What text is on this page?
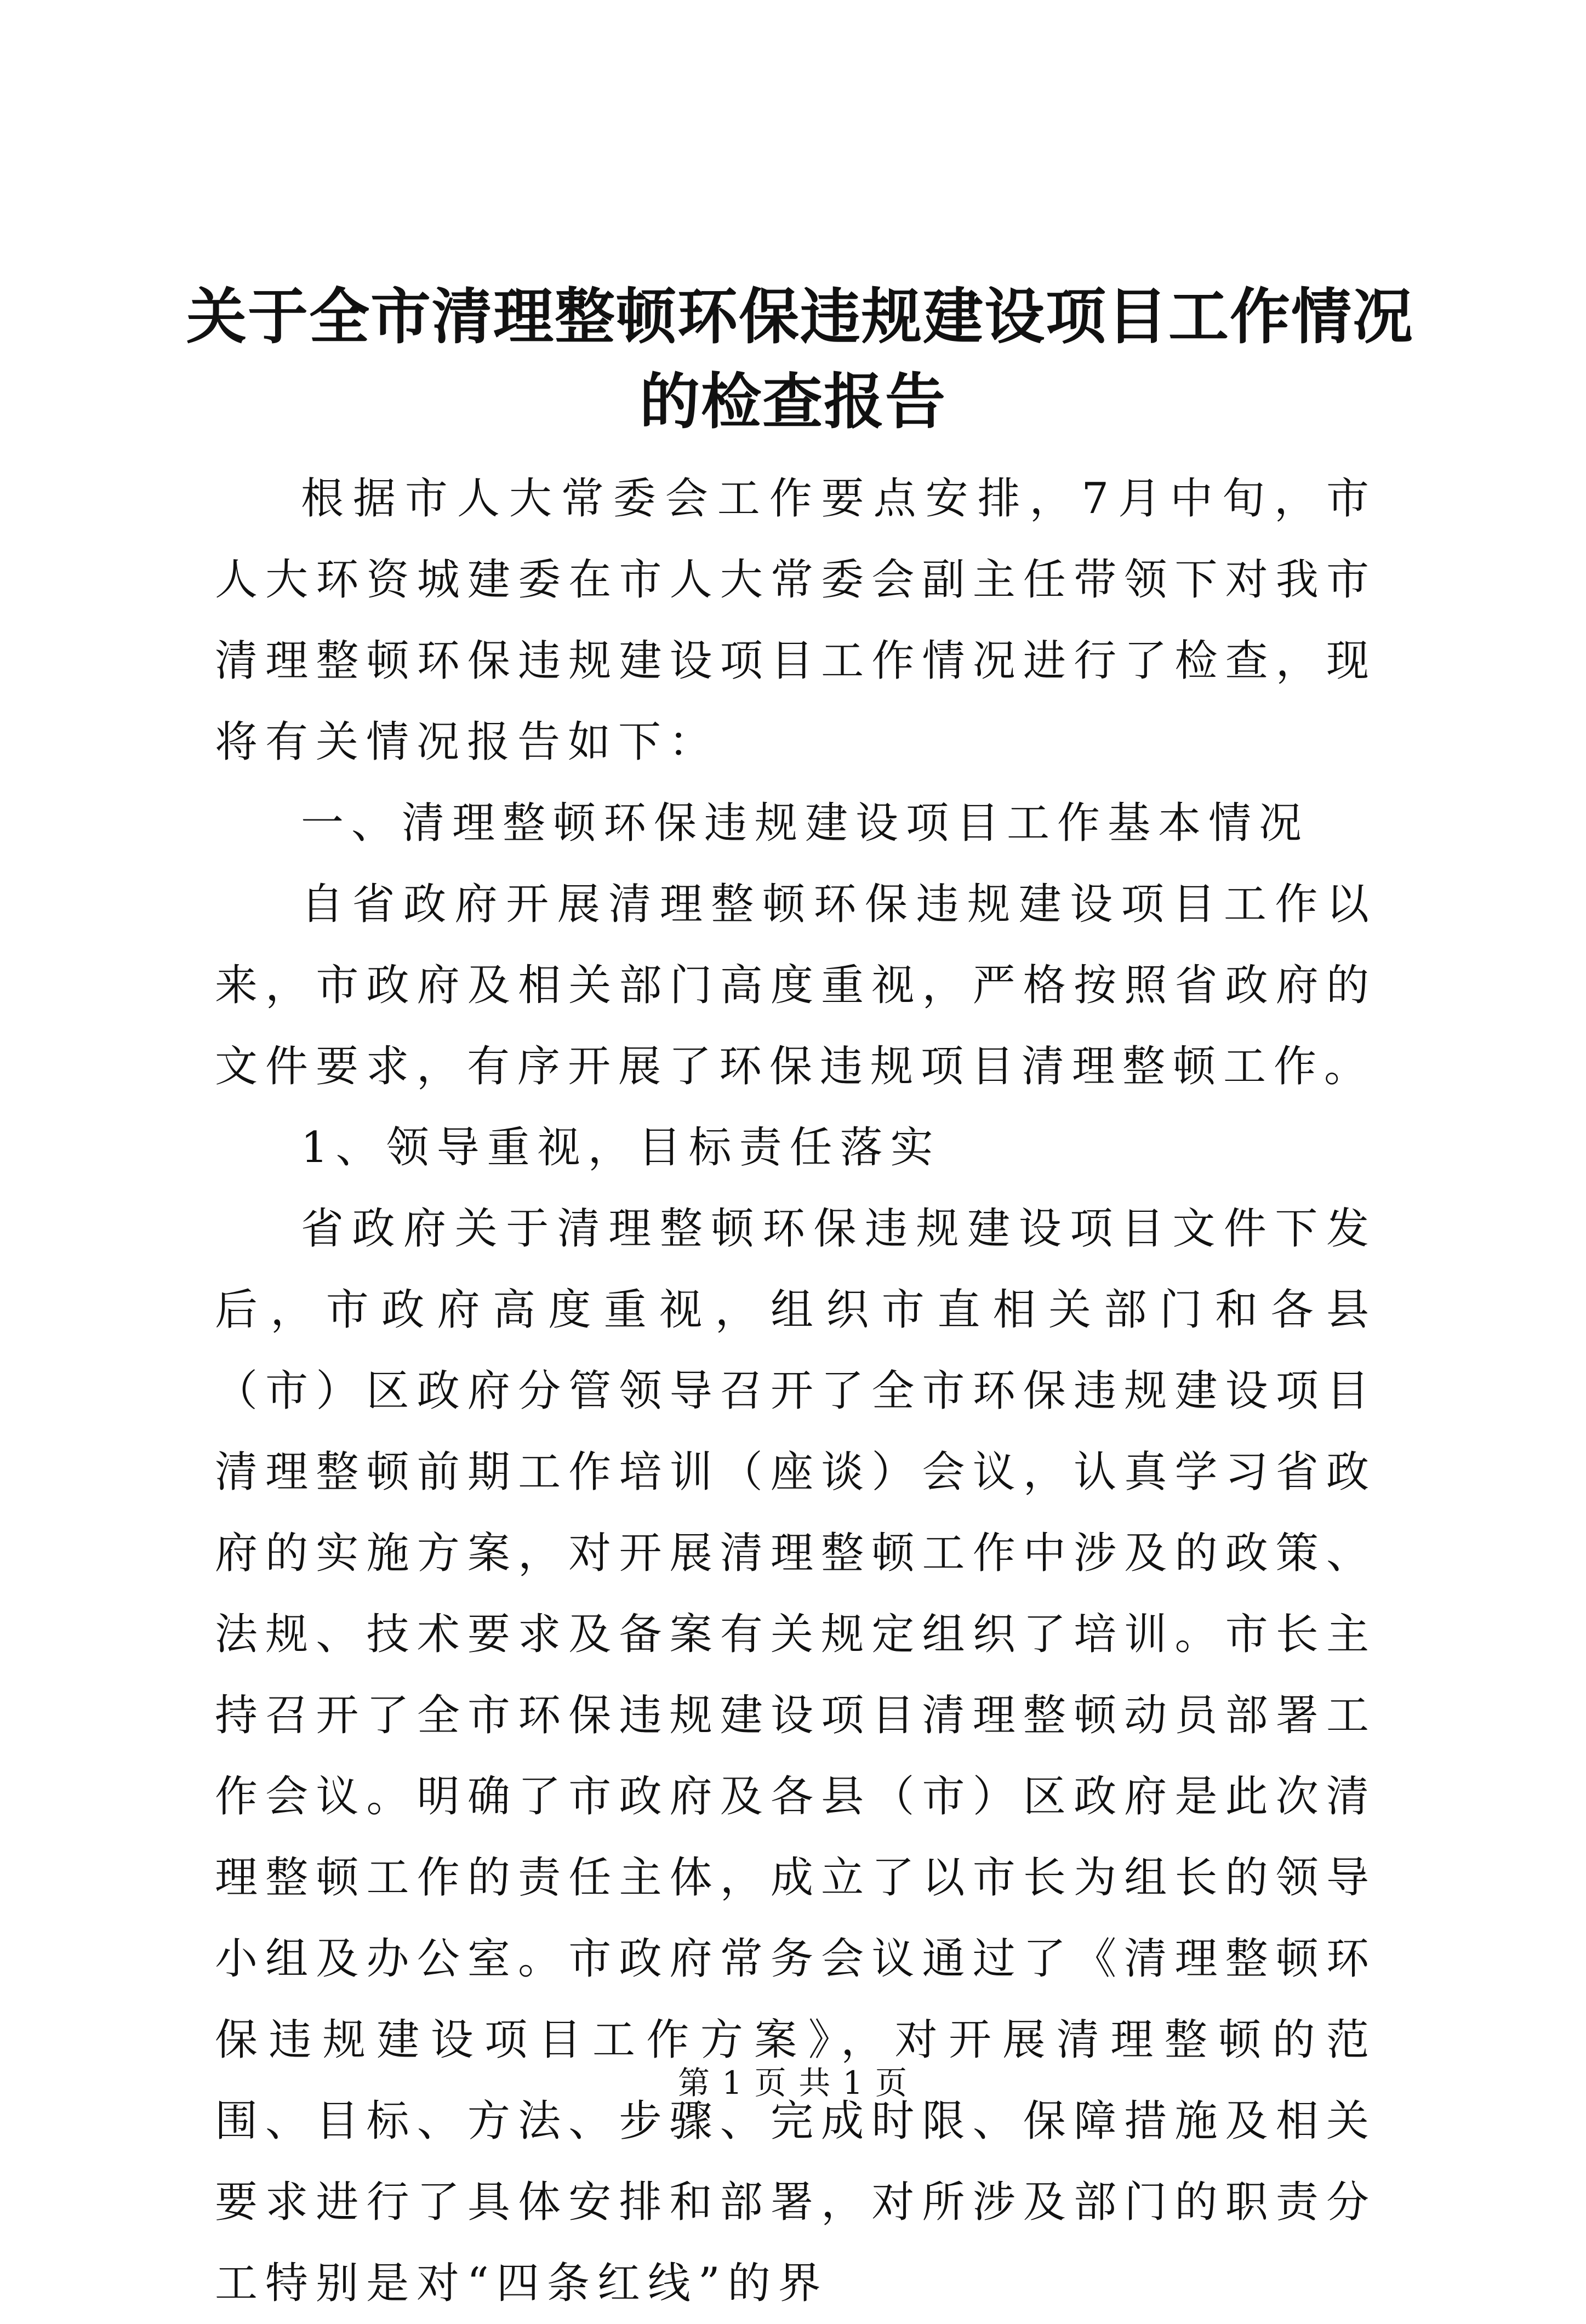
关于全市清理整顿环保违规建设项目工作情况
的检查报告

根据市人大常委会工作要点安排，7月中旬，市人大环资城建委在市人大常委会副主任带领下对我市清理整顿环保违规建设项目工作情况进行了检查，现将有关情况报告如下：

一、清理整顿环保违规建设项目工作基本情况

自省政府开展清理整顿环保违规建设项目工作以来，市政府及相关部门高度重视，严格按照省政府的文件要求，有序开展了环保违规项目清理整顿工作。

1、领导重视，目标责任落实

省政府关于清理整顿环保违规建设项目文件下发后，市政府高度重视，组织市直相关部门和各县（市）区政府分管领导召开了全市环保违规建设项目清理整顿前期工作培训（座谈）会议，认真学习省政府的实施方案，对开展清理整顿工作中涉及的政策、法规、技术要求及备案有关规定组织了培训。市长主持召开了全市环保违规建设项目清理整顿动员部署工作会议。明确了市政府及各县（市）区政府是此次清理整顿工作的责任主体，成立了以市长为组长的领导小组及办公室。市政府常务会议通过了《清理整顿环保违规建设项目工作方案》，对开展清理整顿的范围、目标、方法、步骤、完成时限、保障措施及相关要求进行了具体安排和部署，对所涉及部门的职责分工特别是对“四条红线”的界

第 1 页 共 1 页
